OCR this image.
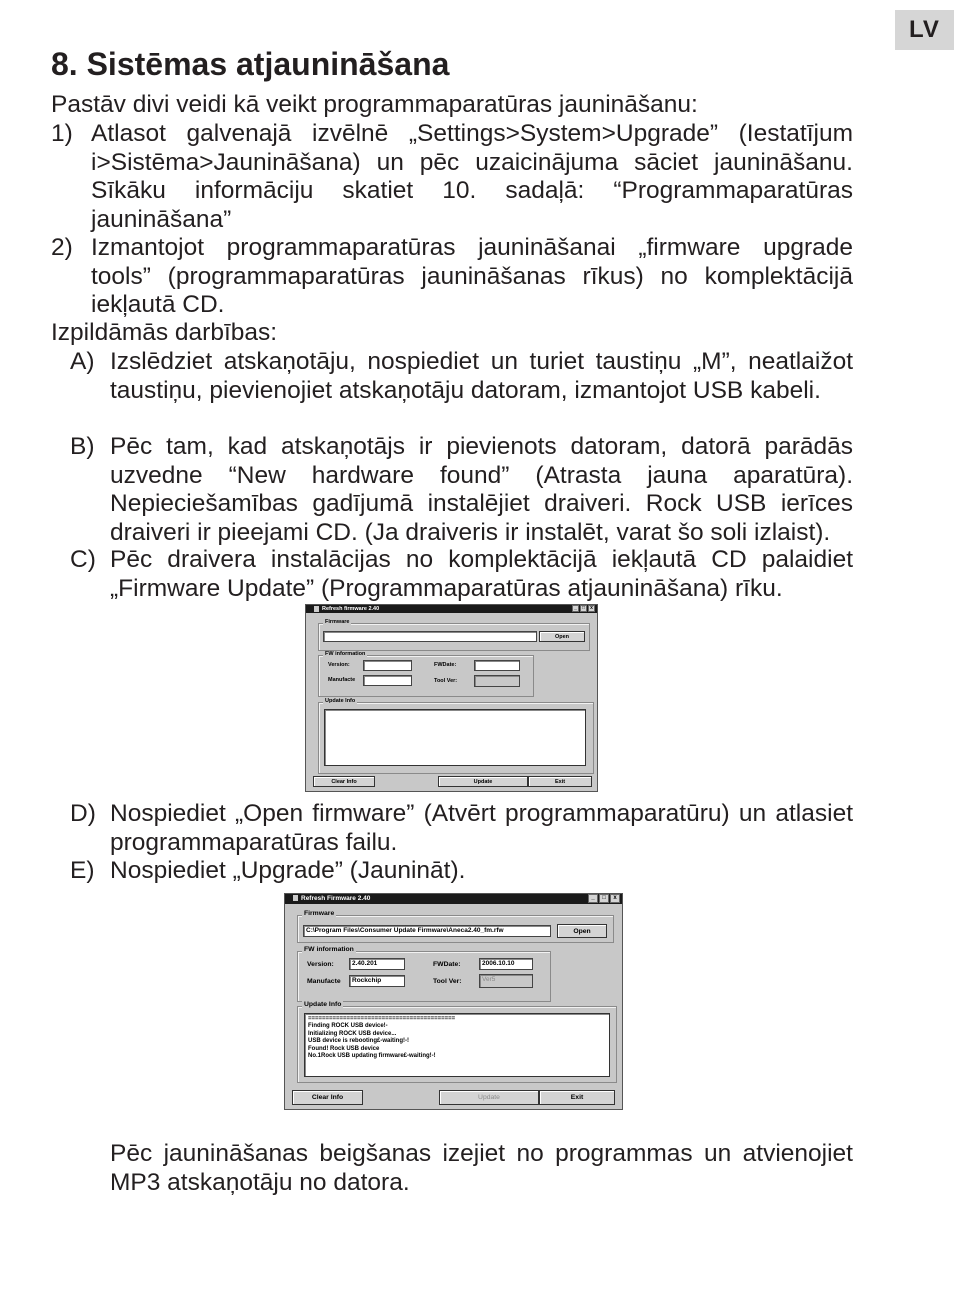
LV
8. Sistēmas atjaunināšana

Pastāv divi veidi kā veikt programmaparatūras jaunināšanu:

1) Atlasot galvenajā izvēlnē „Settings>System>Upgrade” (Iestatījum i>Sistēma>Jaunināšana) un pēc uzaicinājuma sāciet jaunināšanu. Sīkāku informāciju skatiet 10. sadaļā: “Programmaparatūras jaunināšana”
2) Izmantojot programmaparatūras jaunināšanai „firmware upgrade tools” (programmaparatūras jaunināšanas rīkus) no komplektācijā iekļautā CD.

Izpildāmās darbības:

A) Izslēdziet atskaņotāju, nospiediet un turiet taustiņu „M”, neatlaižot taustiņu, pievienojiet atskaņotāju datoram, izmantojot USB kabeli.
B) Pēc tam, kad atskaņotājs ir pievienots datoram, datorā parādās uzvedne “New hardware found” (Atrasta jauna aparatūra). Nepieciešamības gadījumā instalējiet draiveri. Rock USB ierīces draiveri ir pieejami CD. (Ja draiveris ir instalēt, varat šo soli izlaist).
C) Pēc draivera instalācijas no komplektācijā iekļautā CD palaidiet „Firmware Update” (Programmaparatūras atjaunināšana) rīku.
Refresh firmware 2.40	_	□	x
Firmware
Open
FW information
Version:
Manufacte
FWDate:
Tool Ver:
Update Info
Clear Info	Update	Exit
D) Nospiediet „Open firmware” (Atvērt programmaparatūru) un atlasiet programmaparatūras failu.
E) Nospiediet „Upgrade” (Jaunināt).
Refresh Firmware 2.40	_	□	x
Firmware
C:\Program Files\Consumer Update Firmware\Aneca2.40_fm.rfw	Open
FW information
Version:	2.40.201
Manufacte	Rockchip
FWDate:	2006.10.10
Tool Ver:	Ver5
Update Info
==========================================
Finding ROCK USB device!-
Initializing ROCK USB device...
USB device is rebooting£-waiting!-!
Found! Rock USB device
No.1Rock USB updating firmware£-waiting!-!
Clear Info	Update	Exit

Pēc jaunināšanas beigšanas izejiet no programmas un atvienojiet MP3 atskaņotāju no datora.
